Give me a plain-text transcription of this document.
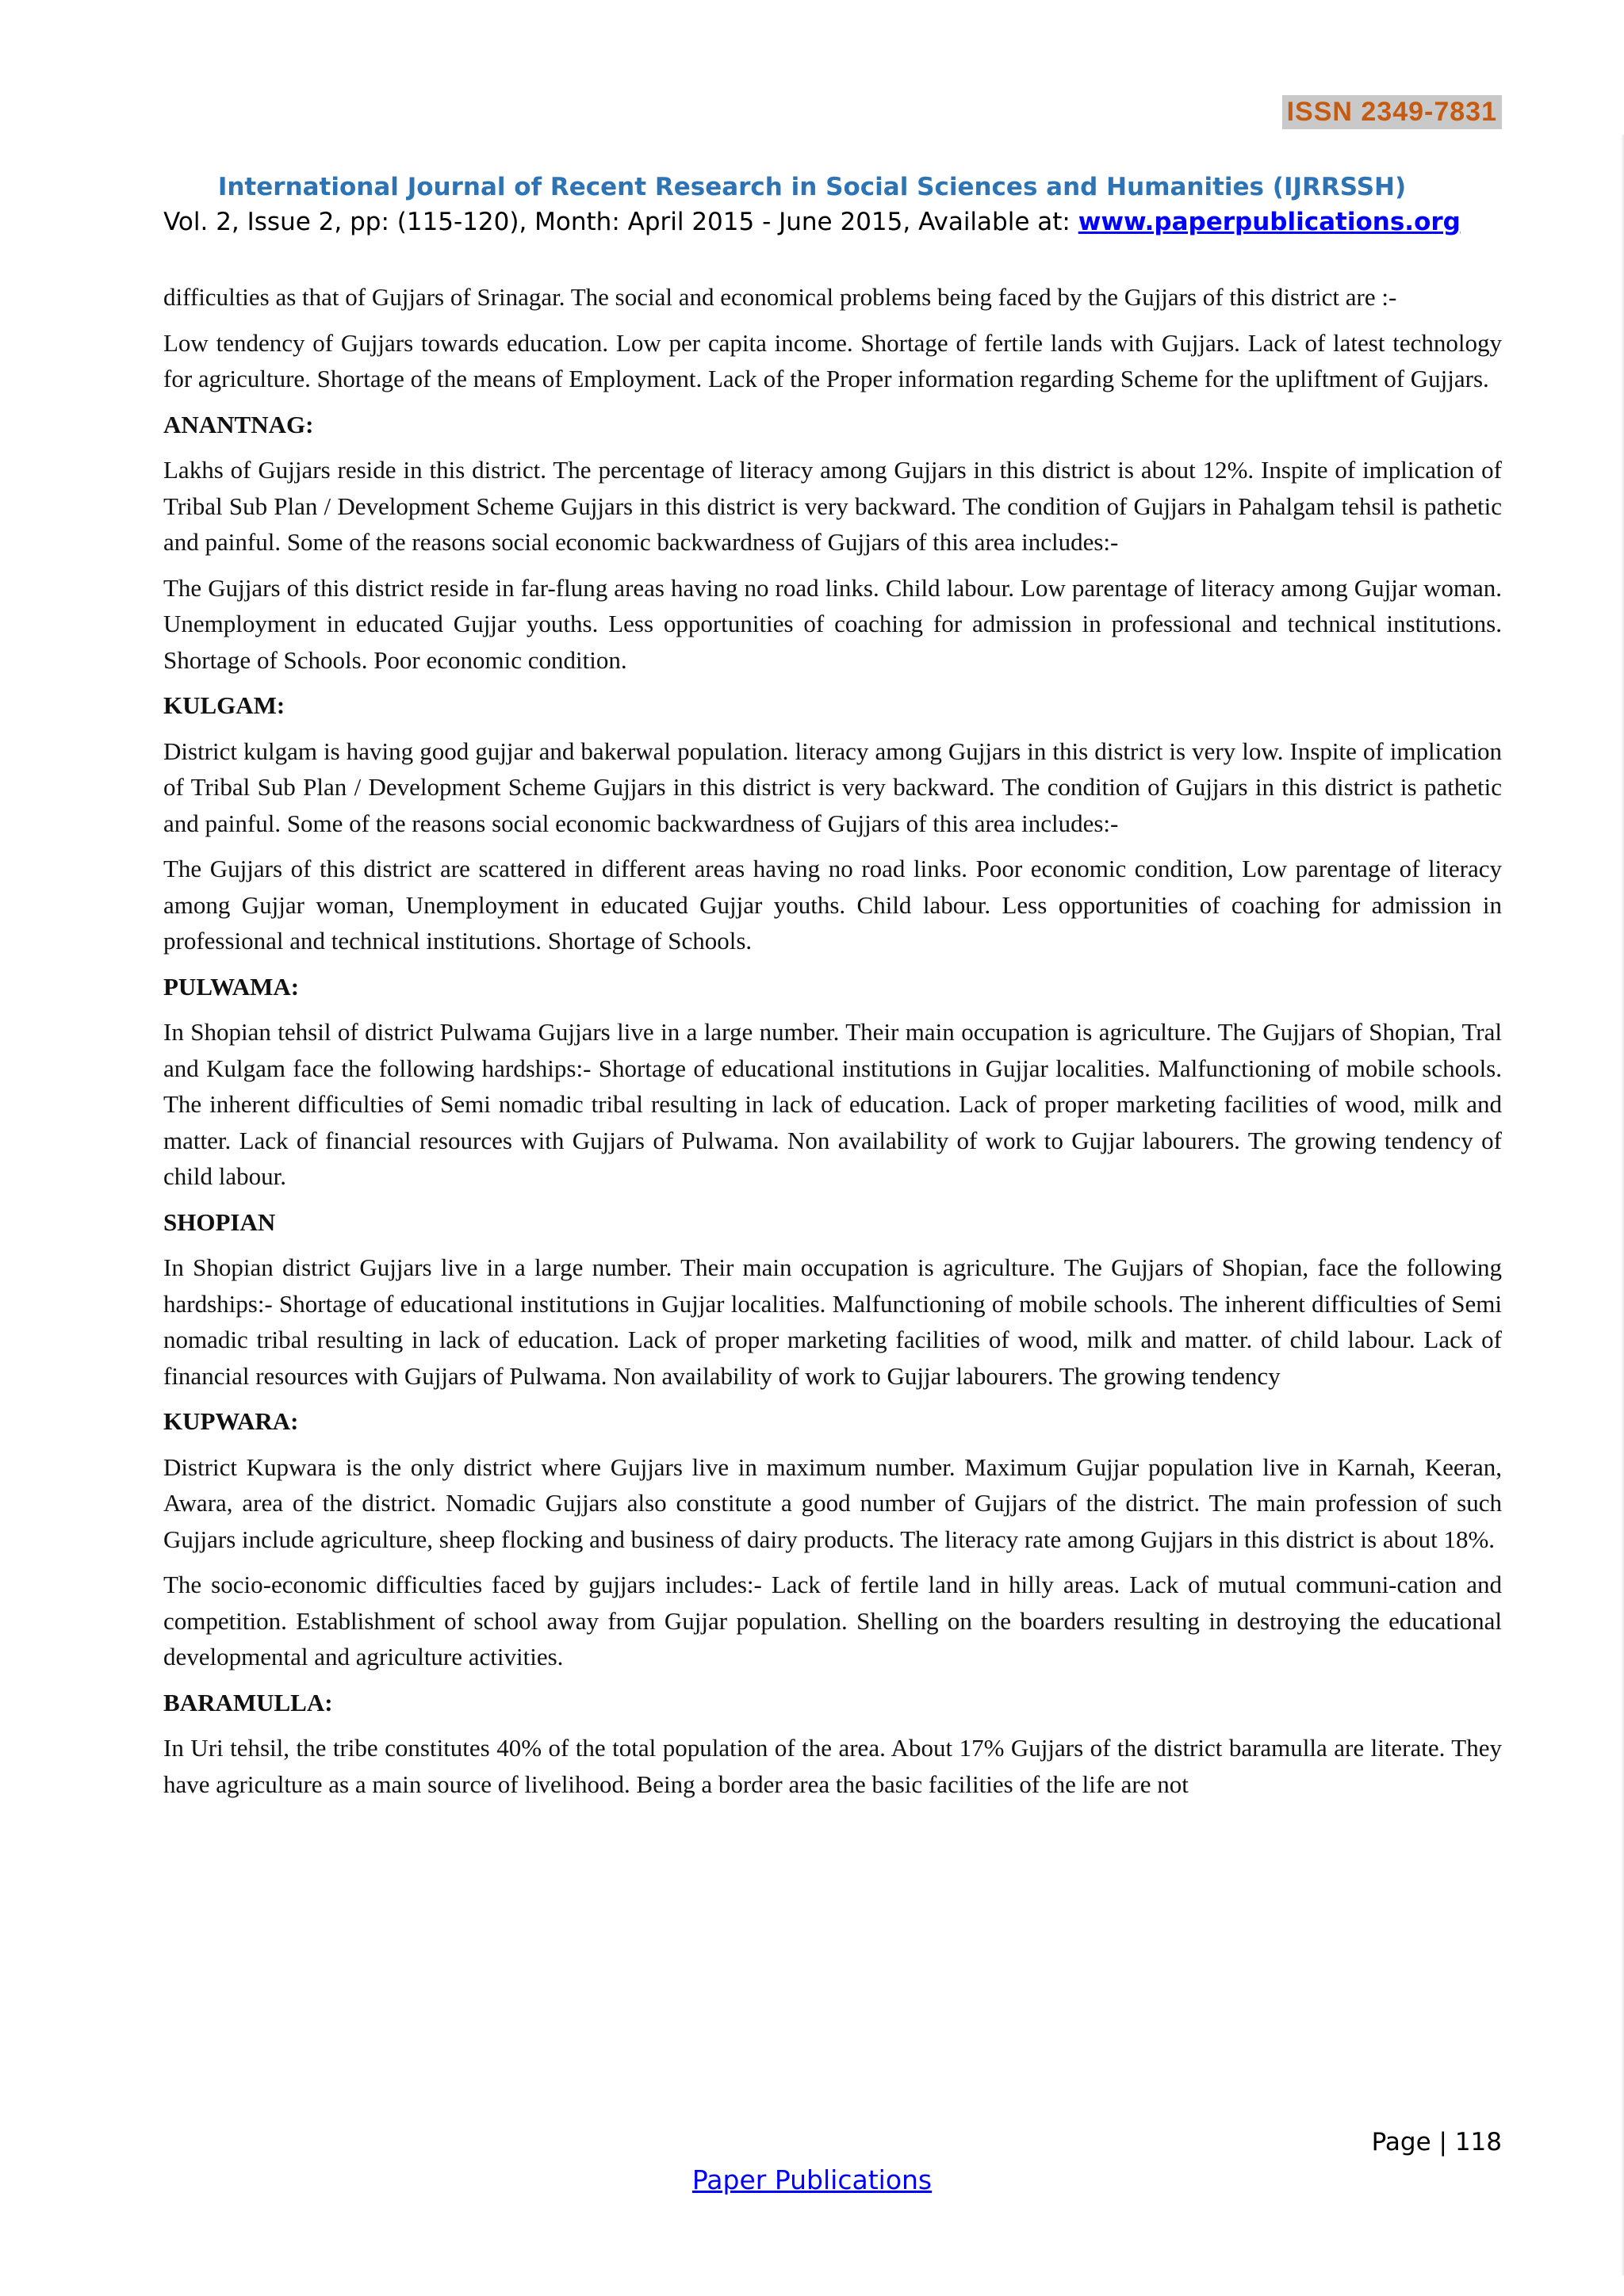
ISSN 2349-7831
International Journal of Recent Research in Social Sciences and Humanities (IJRRSSH)
Vol. 2, Issue 2, pp: (115-120), Month: April 2015 - June 2015, Available at: www.paperpublications.org

difficulties as that of Gujjars of Srinagar. The social and economical problems being faced by the Gujjars of this district are :-

Low tendency of Gujjars towards education. Low per capita income. Shortage of fertile lands with Gujjars. Lack of latest technology for agriculture. Shortage of the means of Employment. Lack of the Proper information regarding Scheme for the upliftment of Gujjars.

ANANTNAG:

Lakhs of Gujjars reside in this district. The percentage of literacy among Gujjars in this district is about 12%. Inspite of implication of Tribal Sub Plan / Development Scheme Gujjars in this district is very backward. The condition of Gujjars in Pahalgam tehsil is pathetic and painful. Some of the reasons social economic backwardness of Gujjars of this area includes:-

The Gujjars of this district reside in far-flung areas having no road links. Child labour. Low parentage of literacy among Gujjar woman. Unemployment in educated Gujjar youths. Less opportunities of coaching for admission in professional and technical institutions. Shortage of Schools. Poor economic condition.

KULGAM:

District kulgam is having good gujjar and bakerwal population. literacy among Gujjars in this district is very low. Inspite of implication of Tribal Sub Plan / Development Scheme Gujjars in this district is very backward. The condition of Gujjars in this district is pathetic and painful. Some of the reasons social economic backwardness of Gujjars of this area includes:-

The Gujjars of this district are scattered in different areas having no road links. Poor economic condition, Low parentage of literacy among Gujjar woman, Unemployment in educated Gujjar youths. Child labour. Less opportunities of coaching for admission in professional and technical institutions. Shortage of Schools.

PULWAMA:

In Shopian tehsil of district Pulwama Gujjars live in a large number. Their main occupation is agriculture. The Gujjars of Shopian, Tral and Kulgam face the following hardships:- Shortage of educational institutions in Gujjar localities. Malfunctioning of mobile schools. The inherent difficulties of Semi nomadic tribal resulting in lack of education. Lack of proper marketing facilities of wood, milk and matter. Lack of financial resources with Gujjars of Pulwama. Non availability of work to Gujjar labourers. The growing tendency of child labour.

SHOPIAN

In Shopian district Gujjars live in a large number. Their main occupation is agriculture. The Gujjars of Shopian, face the following hardships:- Shortage of educational institutions in Gujjar localities. Malfunctioning of mobile schools. The inherent difficulties of Semi nomadic tribal resulting in lack of education. Lack of proper marketing facilities of wood, milk and matter. of child labour. Lack of financial resources with Gujjars of Pulwama. Non availability of work to Gujjar labourers. The growing tendency

KUPWARA:

District Kupwara is the only district where Gujjars live in maximum number. Maximum Gujjar population live in Karnah, Keeran, Awara, area of the district. Nomadic Gujjars also constitute a good number of Gujjars of the district. The main profession of such Gujjars include agriculture, sheep flocking and business of dairy products. The literacy rate among Gujjars in this district is about 18%.

The socio-economic difficulties faced by gujjars includes:- Lack of fertile land in hilly areas. Lack of mutual communi-cation and competition. Establishment of school away from Gujjar population. Shelling on the boarders resulting in destroying the educational developmental and agriculture activities.

BARAMULLA:

In Uri tehsil, the tribe constitutes 40% of the total population of the area. About 17% Gujjars of the district baramulla are literate. They have agriculture as a main source of livelihood. Being a border area the basic facilities of the life are not

Page | 118
Paper Publications
